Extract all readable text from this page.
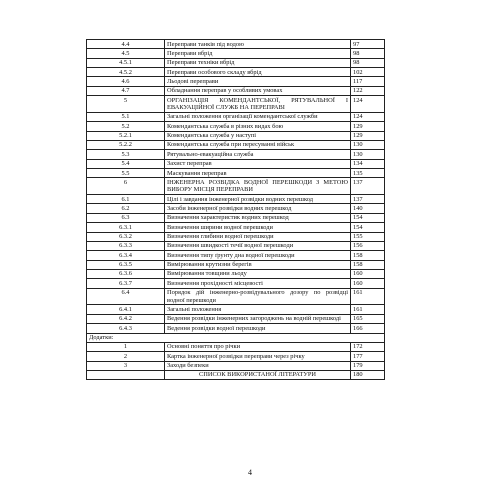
4.4	Переправи танків під водою	97
4.5	Переправи вбрід	98
4.5.1	Переправи техніки вбрід	98
4.5.2	Переправи особового складу вбрід	102
4.6	Льодові переправи	117
4.7	Обладнання переправ у особливих умовах	122
5	ОРГАНІЗАЦІЯ КОМЕНДАНТСЬКОЇ, РЯТУВАЛЬНОЇ І ЕВАКУАЦІЙНОЇ СЛУЖБ НА ПЕРЕПРАВІ	124
5.1	Загальні положення організації комендантської служби	124
5.2	Комендантська служба в різних видах бою	129
5.2.1	Комендантська служба у наступі	129
5.2.2	Комендантська служба при пересуванні військ	130
5.3	Рятувально-евакуаційна служба	130
5.4	Захист переправ	134
5.5	Маскування переправ	135
6	ІНЖЕНЕРНА РОЗВІДКА ВОДНОЇ ПЕРЕШКОДИ З МЕТОЮ ВИБОРУ МІСЦЯ ПЕРЕПРАВИ	137
6.1	Цілі і завдання інженерної розвідки водних перешкод	137
6.2	Засоби інженерної розвідки водних перешкод	140
6.3	Визначення характеристик водних перешкод	154
6.3.1	Визначення ширини водної перешкоди	154
6.3.2	Визначення глибини водної перешкоди	155
6.3.3	Визначення швидкості течії водної перешкоди	156
6.3.4	Визначення типу ґрунту дна водної перешкоди	158
6.3.5	Вимірювання крутизни берегів	158
6.3.6	Вимірювання товщини льоду	160
6.3.7	Визначення прохідності місцевості	160
6.4	Порядок дій інженерно-розвідувального дозору по розвідці водної перешкоди	161
6.4.1	Загальні положення	161
6.4.2	Ведення розвідки інженерних загороджень на водній перешкоді	165
6.4.3	Ведення розвідки водної перешкоди	166
Додатки:		
1	Основні поняття про річки	172
2	Картка інженерної розвідки переправи через річку	177
3	Заходи безпеки	179
	СПИСОК ВИКОРИСТАНОЇ ЛІТЕРАТУРИ	180
4
